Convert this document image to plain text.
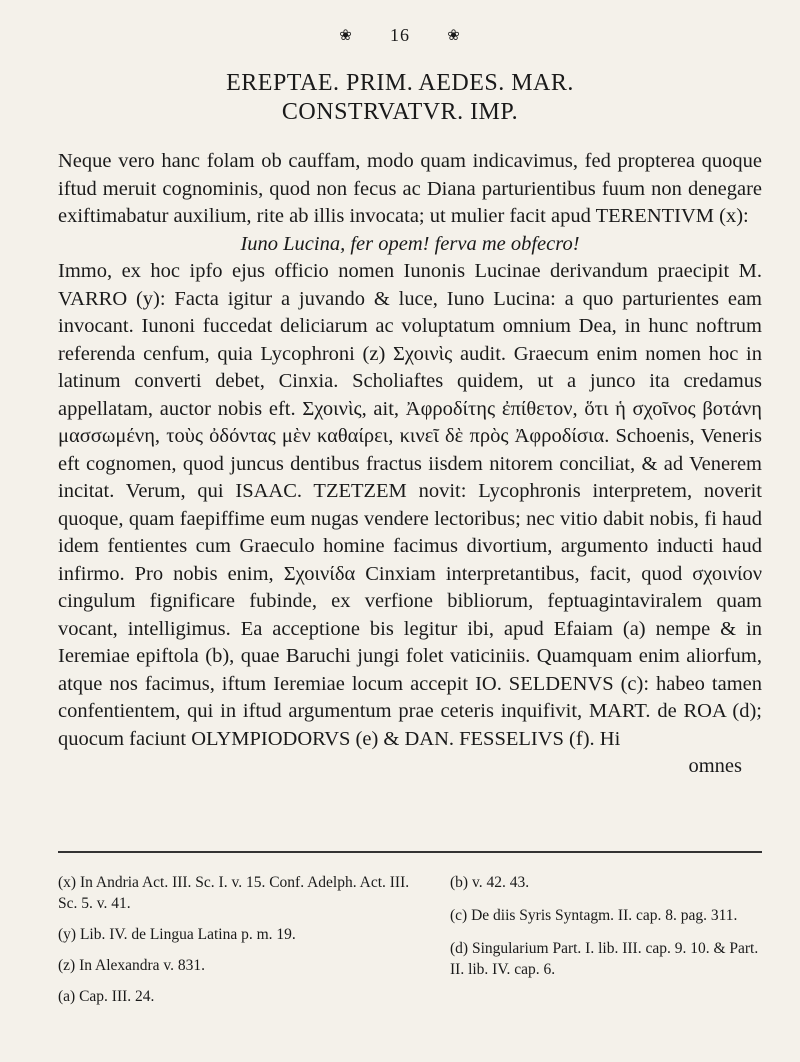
❀ 16 ❀
EREPTAE. PRIM. AEDES. MAR.
CONSTRVATVR. IMP.

Neque vero hanc folam ob cauffam, modo quam indicavimus, fed propterea quoque iftud meruit cognominis, quod non fecus ac Diana parturientibus fuum non denegare exiftimabatur auxilium, rite ab illis invocata; ut mulier facit apud TERENTIVM (x):

Iuno Lucina, fer opem! ferva me obfecro!

Immo, ex hoc ipfo ejus officio nomen Iunonis Lucinae derivandum praecipit M. VARRO (y): Facta igitur a juvando & luce, Iuno Lucina: a quo parturientes eam invocant. Iunoni fuccedat deliciarum ac voluptatum omnium Dea, in hunc noftrum referenda cenfum, quia Lycophroni (z) Σχοινὶς audit. Graecum enim nomen hoc in latinum converti debet, Cinxia. Scholiaftes quidem, ut a junco ita credamus appellatam, auctor nobis eft. Σχοινὶς, ait, Ἀφροδίτης ἐπίθετον, ὅτι ἡ σχοῖνος βοτάνη μασσωμένη, τοὺς ὀδόντας μὲν καθαίρει, κινεῖ δὲ πρὸς Ἀφροδίσια. Schoenis, Veneris eft cognomen, quod juncus dentibus fractus iisdem nitorem conciliat, & ad Venerem incitat. Verum, qui ISAAC. TZETZEM novit: Lycophronis interpretem, noverit quoque, quam faepiffime eum nugas vendere lectoribus; nec vitio dabit nobis, fi haud idem fentientes cum Graeculo homine facimus divortium, argumento inducti haud infirmo. Pro nobis enim, Σχοινίδα Cinxiam interpretantibus, facit, quod σχοινίον cingulum fignificare fubinde, ex verfione bibliorum, feptuagintaviralem quam vocant, intelligimus. Ea acceptione bis legitur ibi, apud Efaiam (a) nempe & in Ieremiae epiftola (b), quae Baruchi jungi folet vaticiniis. Quamquam enim aliorfum, atque nos facimus, iftum Ieremiae locum accepit IO. SELDENVS (c): habeo tamen confentientem, qui in iftud argumentum prae ceteris inquifivit, MART. de ROA (d); quocum faciunt OLYMPIODORVS (e) & DAN. FESSELIVS (f). Hi

omnes

(x) In Andria Act. III. Sc. I. v. 15. Conf. Adelph. Act. III. Sc. 5. v. 41.

(y) Lib. IV. de Lingua Latina p. m. 19.

(z) In Alexandra v. 831.

(a) Cap. III. 24.

(b) v. 42. 43.

(c) De diis Syris Syntagm. II. cap. 8. pag. 311.

(d) Singularium Part. I. lib. III. cap. 9. 10. & Part. II. lib. IV. cap. 6.
